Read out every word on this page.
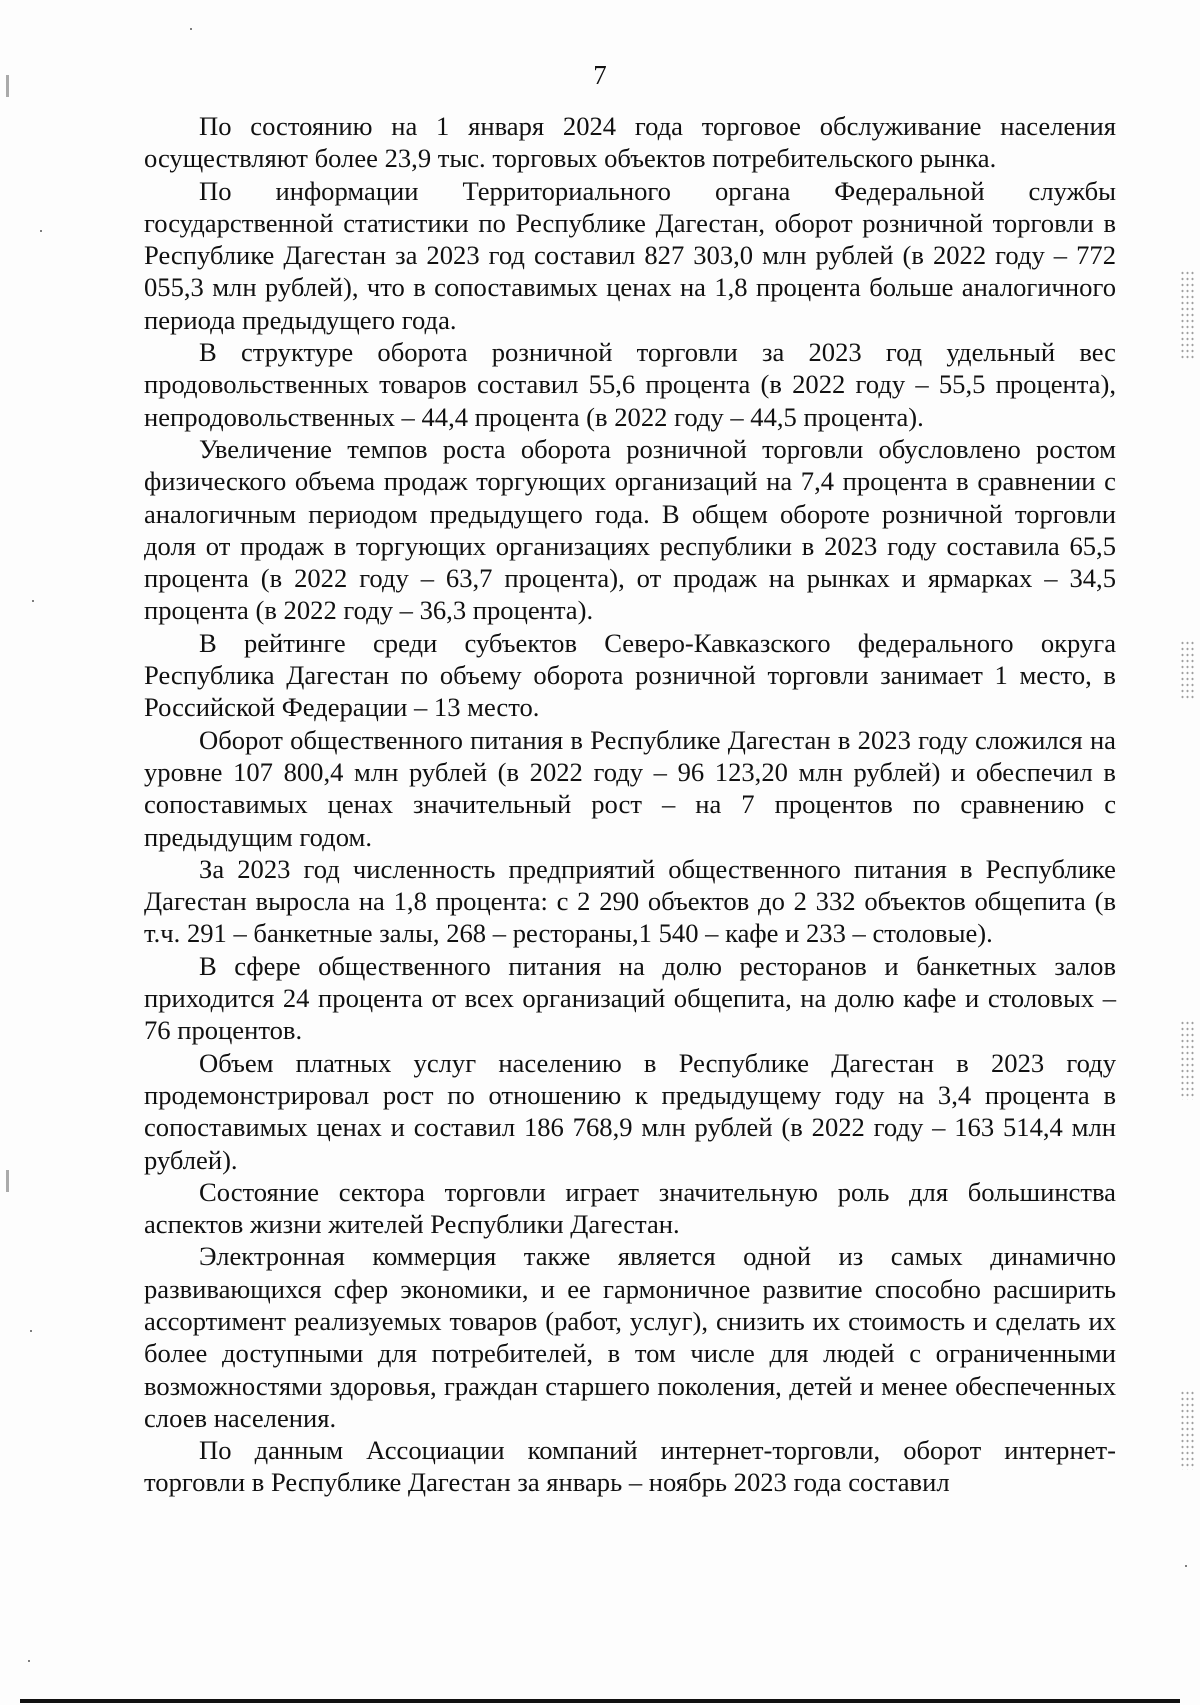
7

По состоянию на 1 января 2024 года торговое обслуживание населения осуществляют более 23,9 тыс. торговых объектов потребительского рынка.

По информации Территориального органа Федеральной службы государственной статистики по Республике Дагестан, оборот розничной торговли в Республике Дагестан за 2023 год составил 827 303,0 млн рублей (в 2022 году – 772 055,3 млн рублей), что в сопоставимых ценах на 1,8 процента больше аналогичного периода предыдущего года.

В структуре оборота розничной торговли за 2023 год удельный вес продовольственных товаров составил 55,6 процента (в 2022 году – 55,5 процента), непродовольственных – 44,4 процента (в 2022 году – 44,5 процента).

Увеличение темпов роста оборота розничной торговли обусловлено ростом физического объема продаж торгующих организаций на 7,4 процента в сравнении с аналогичным периодом предыдущего года. В общем обороте розничной торговли доля от продаж в торгующих организациях республики в 2023 году составила 65,5 процента (в 2022 году – 63,7 процента), от продаж на рынках и ярмарках – 34,5 процента (в 2022 году – 36,3 процента).

В рейтинге среди субъектов Северо-Кавказского федерального округа Республика Дагестан по объему оборота розничной торговли занимает 1 место, в Российской Федерации – 13 место.

Оборот общественного питания в Республике Дагестан в 2023 году сложился на уровне 107 800,4 млн рублей (в 2022 году – 96 123,20 млн рублей) и обеспечил в сопоставимых ценах значительный рост – на 7 процентов по сравнению с предыдущим годом.

За 2023 год численность предприятий общественного питания в Республике Дагестан выросла на 1,8 процента: с 2 290 объектов до 2 332 объектов общепита (в т.ч. 291 – банкетные залы, 268 – рестораны,1 540 – кафе и 233 – столовые).

В сфере общественного питания на долю ресторанов и банкетных залов приходится 24 процента от всех организаций общепита, на долю кафе и столовых – 76 процентов.

Объем платных услуг населению в Республике Дагестан в 2023 году продемонстрировал рост по отношению к предыдущему году на 3,4 процента в сопоставимых ценах и составил 186 768,9 млн рублей (в 2022 году – 163 514,4 млн рублей).

Состояние сектора торговли играет значительную роль для большинства аспектов жизни жителей Республики Дагестан.

Электронная коммерция также является одной из самых динамично развивающихся сфер экономики, и ее гармоничное развитие способно расширить ассортимент реализуемых товаров (работ, услуг), снизить их стоимость и сделать их более доступными для потребителей, в том числе для людей с ограниченными возможностями здоровья, граждан старшего поколения, детей и менее обеспеченных слоев населения.

По данным Ассоциации компаний интернет-торговли, оборот интернет-торговли в Республике Дагестан за январь – ноябрь 2023 года составил
